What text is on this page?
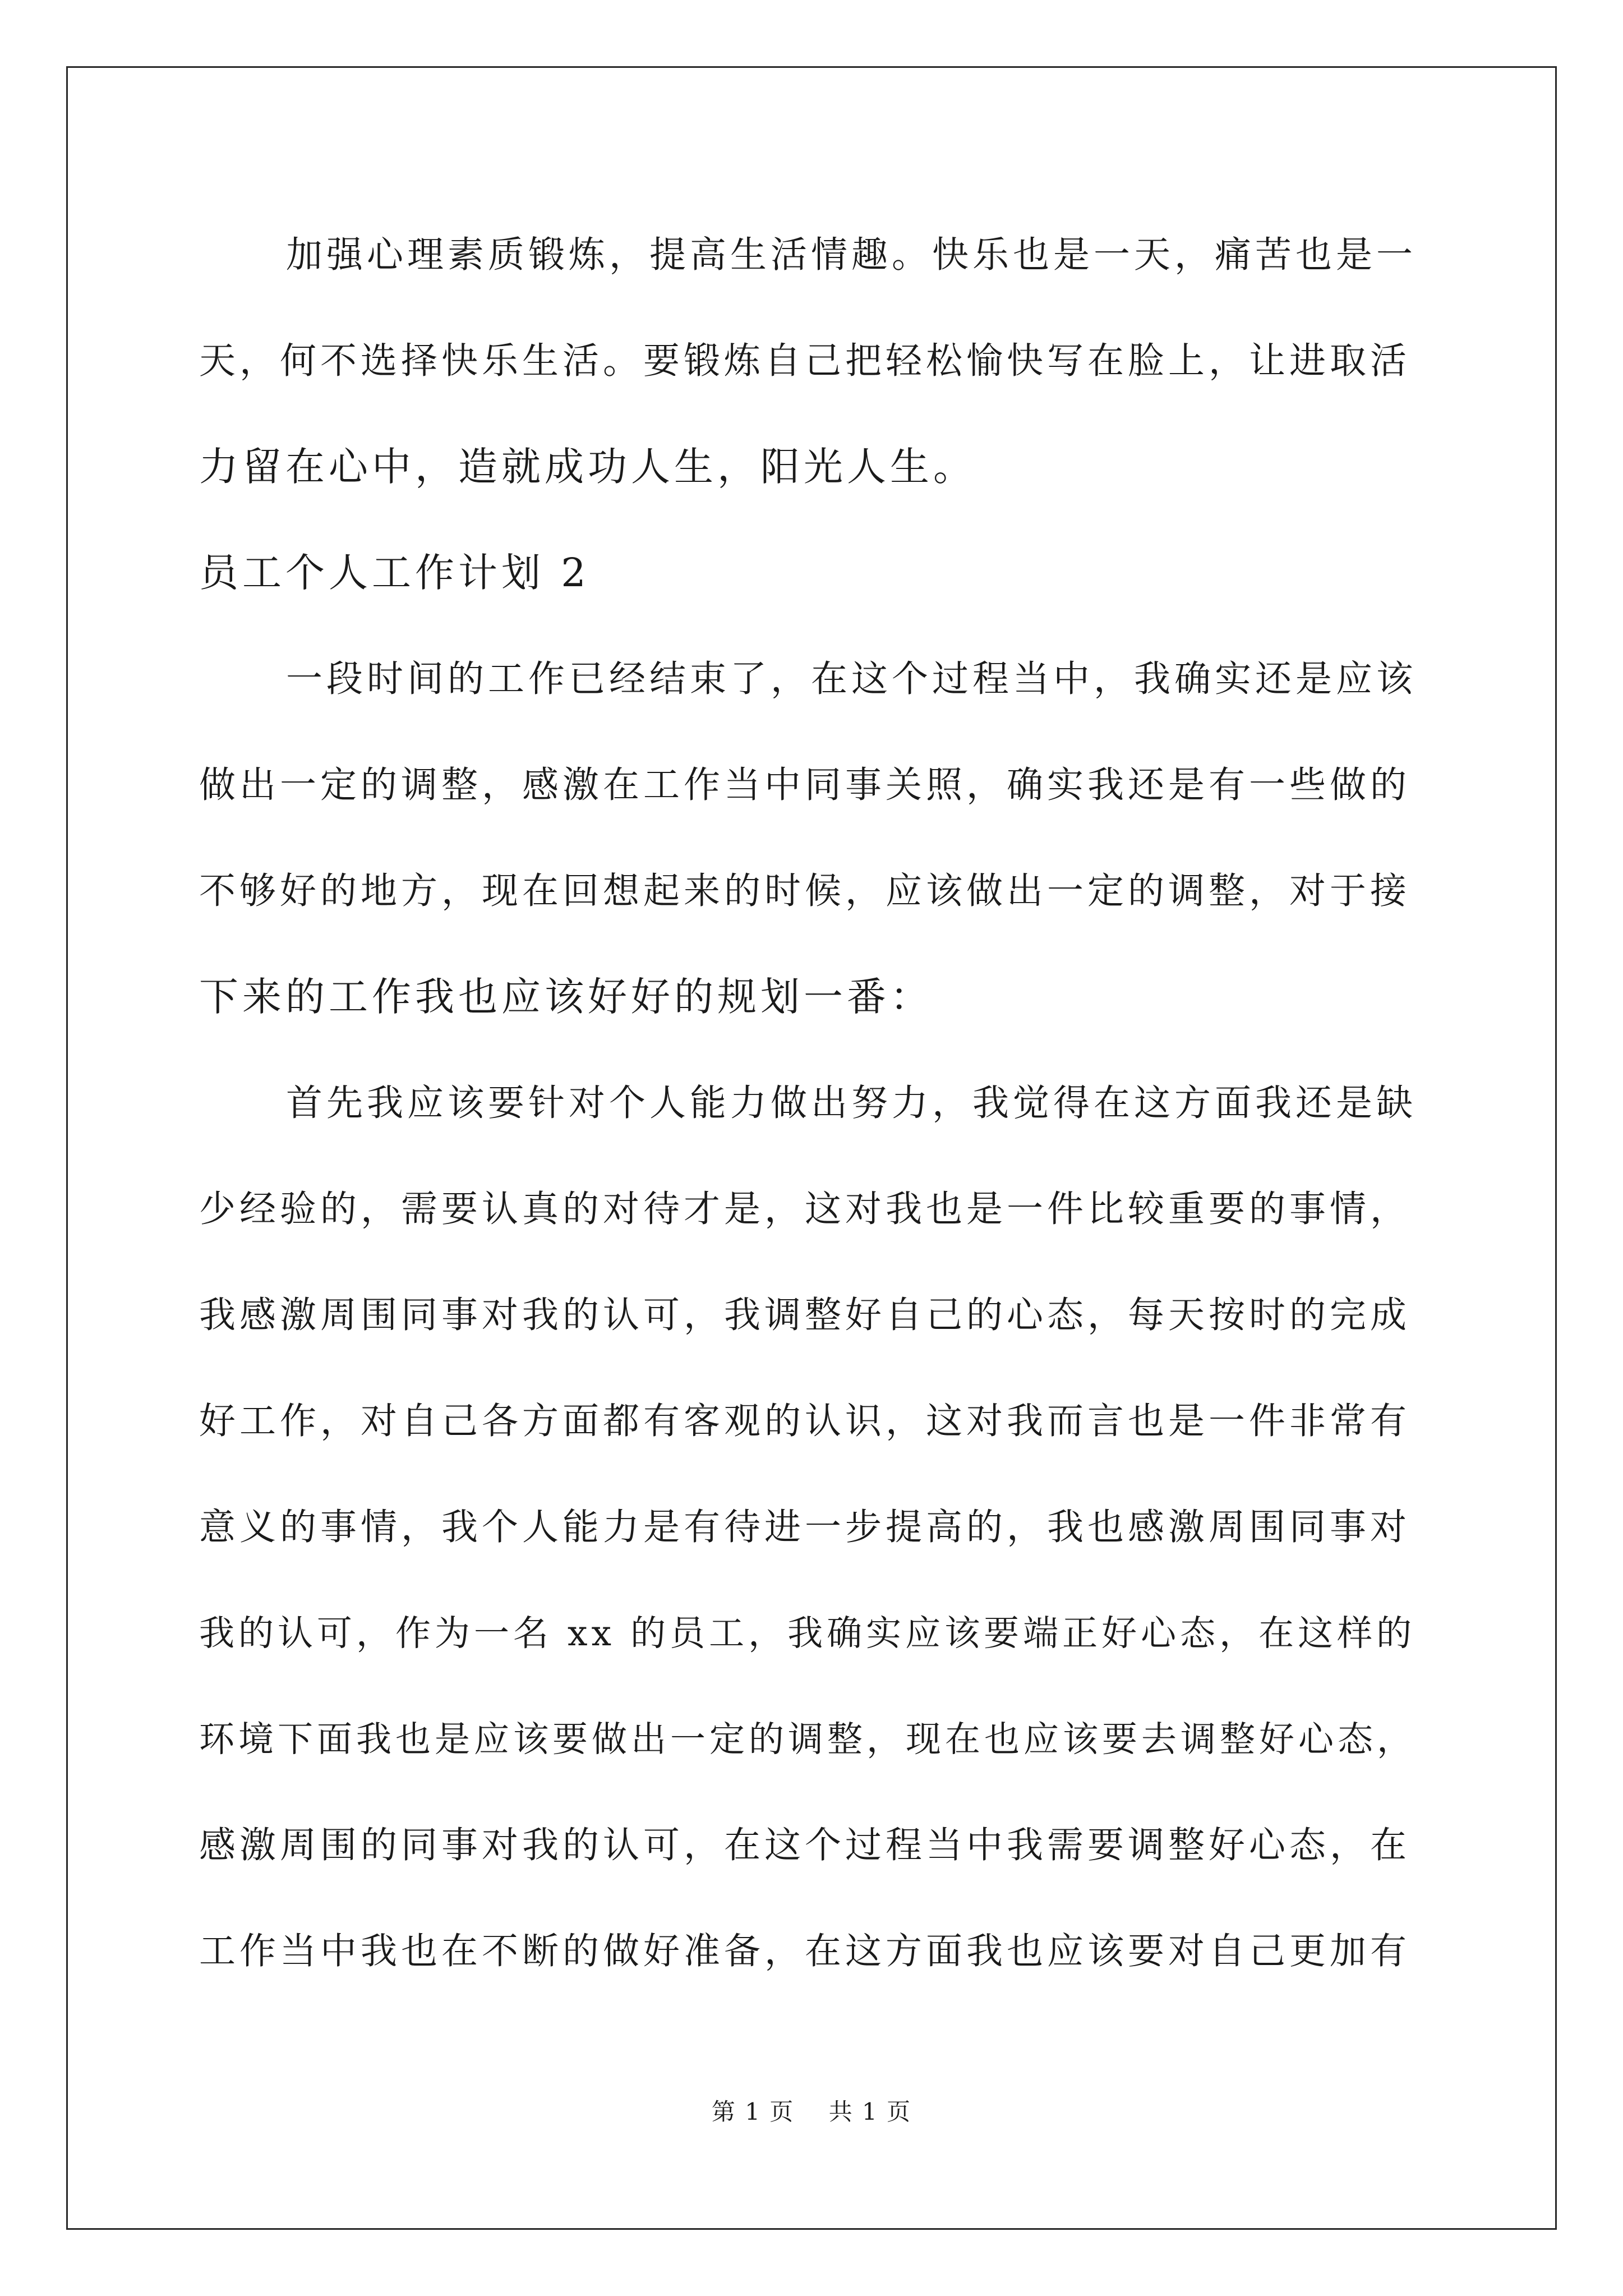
加强心理素质锻炼，提高生活情趣。快乐也是一天，痛苦也是一
天，何不选择快乐生活。要锻炼自己把轻松愉快写在脸上，让进取活
力留在心中，造就成功人生，阳光人生。
员工个人工作计划 2
一段时间的工作已经结束了，在这个过程当中，我确实还是应该
做出一定的调整，感激在工作当中同事关照，确实我还是有一些做的
不够好的地方，现在回想起来的时候，应该做出一定的调整，对于接
下来的工作我也应该好好的规划一番：
首先我应该要针对个人能力做出努力，我觉得在这方面我还是缺
少经验的，需要认真的对待才是，这对我也是一件比较重要的事情，
我感激周围同事对我的认可，我调整好自己的心态，每天按时的完成
好工作，对自己各方面都有客观的认识，这对我而言也是一件非常有
意义的事情，我个人能力是有待进一步提高的，我也感激周围同事对
我的认可，作为一名 xx 的员工，我确实应该要端正好心态，在这样的
环境下面我也是应该要做出一定的调整，现在也应该要去调整好心态，
感激周围的同事对我的认可，在这个过程当中我需要调整好心态，在
工作当中我也在不断的做好准备，在这方面我也应该要对自己更加有
第 1 页    共 1 页
